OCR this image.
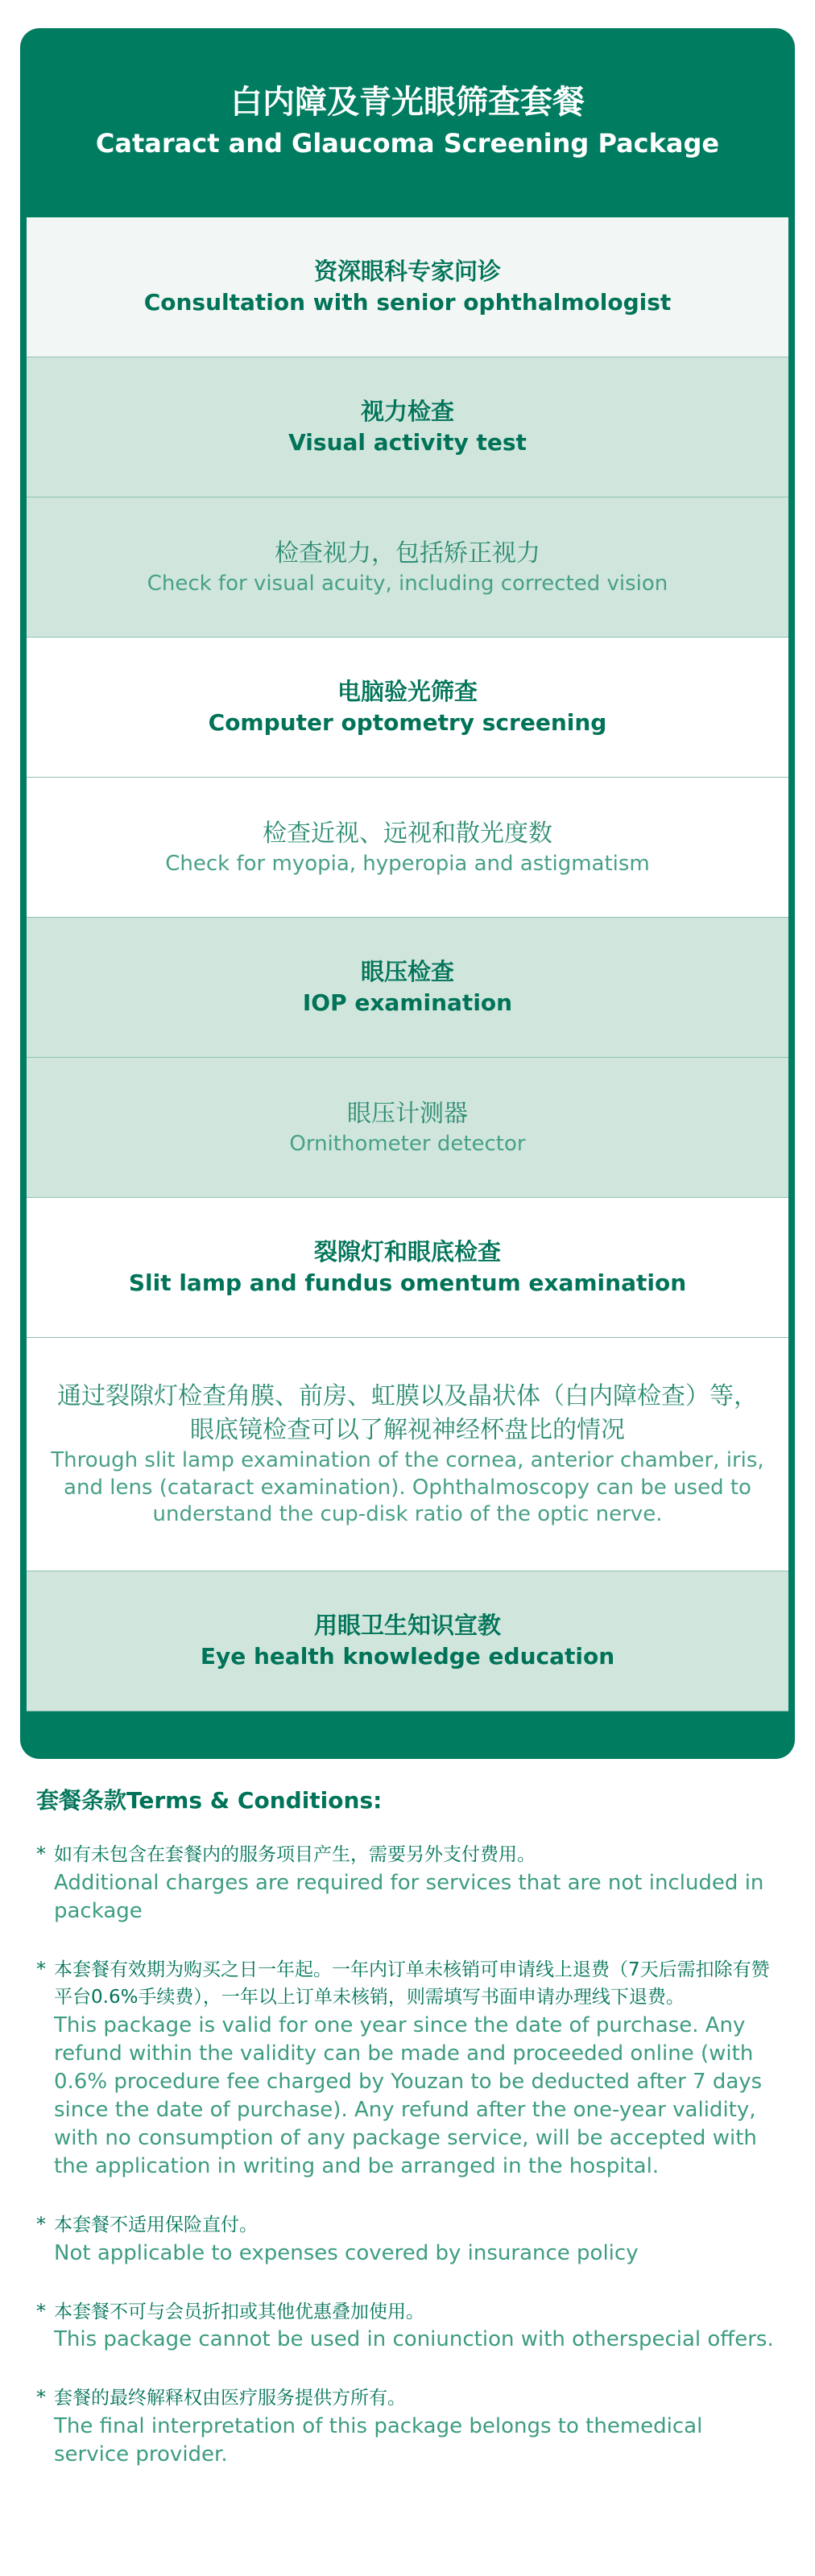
白内障及青光眼筛查套餐
Cataract and Glaucoma Screening Package
资深眼科专家问诊
Consultation with senior ophthalmologist
视力检查
Visual activity test
检查视力，包括矫正视力
Check for visual acuity, including corrected vision
电脑验光筛查
Computer optometry screening
检查近视、远视和散光度数
Check for myopia, hyperopia and astigmatism
眼压检查
IOP examination
眼压计测器
Ornithometer detector
裂隙灯和眼底检查
Slit lamp and fundus omentum examination
通过裂隙灯检查角膜、前房、虹膜以及晶状体（白内障检查）等，眼底镜检查可以了解视神经杯盘比的情况
Through slit lamp examination of the cornea, anterior chamber, iris, and lens (cataract examination). Ophthalmoscopy can be used to understand the cup-disk ratio of the optic nerve.
用眼卫生知识宣教
Eye health knowledge education
套餐条款Terms & Conditions:
* 如有未包含在套餐内的服务项目产生，需要另外支付费用。
Additional charges are required for services that are not included in package
* 本套餐有效期为购买之日一年起。一年内订单未核销可申请线上退费（7天后需扣除有赞平台0.6%手续费），一年以上订单未核销，则需填写书面申请办理线下退费。
This package is valid for one year since the date of purchase. Any refund within the validity can be made and proceeded online (with 0.6% procedure fee charged by Youzan to be deducted after 7 days since the date of purchase). Any refund after the one-year validity, with no consumption of any package service, will be accepted with the application in writing and be arranged in the hospital.
* 本套餐不适用保险直付。
Not applicable to expenses covered by insurance policy
* 本套餐不可与会员折扣或其他优惠叠加使用。
This package cannot be used in coniunction with otherspecial offers.
* 套餐的最终解释权由医疗服务提供方所有。
The final interpretation of this package belongs to themedical service provider.
